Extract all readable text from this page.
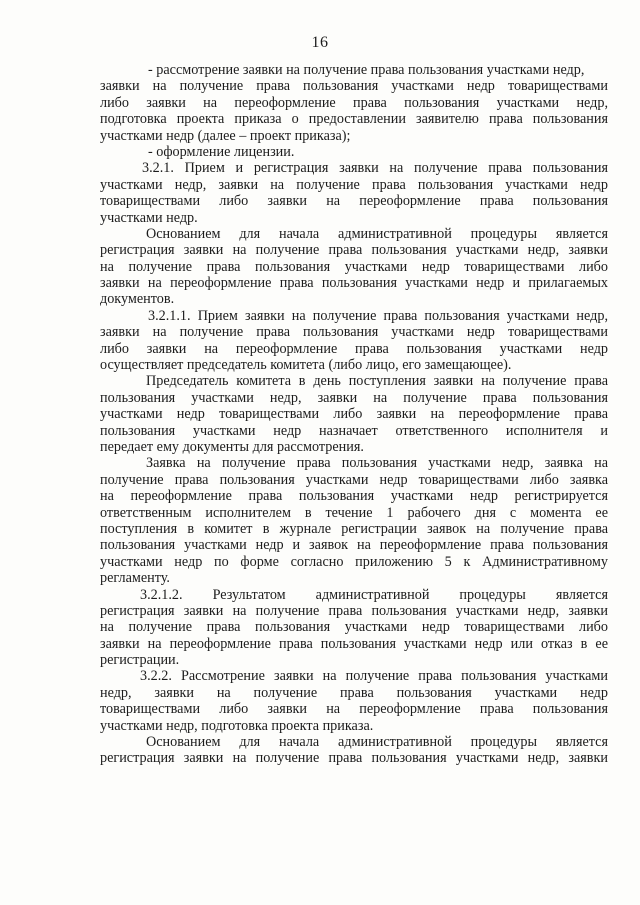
16
- рассмотрение заявки на получение права пользования участками недр,
заявки на получение права пользования участками недр товариществами
либо заявки на переоформление права пользования участками недр,
подготовка проекта приказа о предоставлении заявителю права пользования
участками недр (далее – проект приказа);
- оформление лицензии.
3.2.1. Прием и регистрация заявки на получение права пользования
участками недр, заявки на получение права пользования участками недр
товариществами либо заявки на переоформление права пользования
участками недр.
Основанием для начала административной процедуры является
регистрация заявки на получение права пользования участками недр, заявки
на получение права пользования участками недр товариществами либо
заявки на переоформление права пользования участками недр и прилагаемых
документов.
3.2.1.1. Прием заявки на получение права пользования участками недр,
заявки на получение права пользования участками недр товариществами
либо заявки на переоформление права пользования участками недр
осуществляет председатель комитета (либо лицо, его замещающее).
Председатель комитета в день поступления заявки на получение права
пользования участками недр, заявки на получение права пользования
участками недр товариществами либо заявки на переоформление права
пользования участками недр назначает ответственного исполнителя и
передает ему документы для рассмотрения.
Заявка на получение права пользования участками недр, заявка на
получение права пользования участками недр товариществами либо заявка
на переоформление права пользования участками недр регистрируется
ответственным исполнителем в течение 1 рабочего дня с момента ее
поступления в комитет в журнале регистрации заявок на получение права
пользования участками недр и заявок на переоформление права пользования
участками недр по форме согласно приложению 5 к Административному
регламенту.
3.2.1.2. Результатом административной процедуры является
регистрация заявки на получение права пользования участками недр, заявки
на получение права пользования участками недр товариществами либо
заявки на переоформление права пользования участками недр или отказ в ее
регистрации.
3.2.2. Рассмотрение заявки на получение права пользования участками
недр, заявки на получение права пользования участками недр
товариществами либо заявки на переоформление права пользования
участками недр, подготовка проекта приказа.
Основанием для начала административной процедуры является
регистрация заявки на получение права пользования участками недр, заявки
